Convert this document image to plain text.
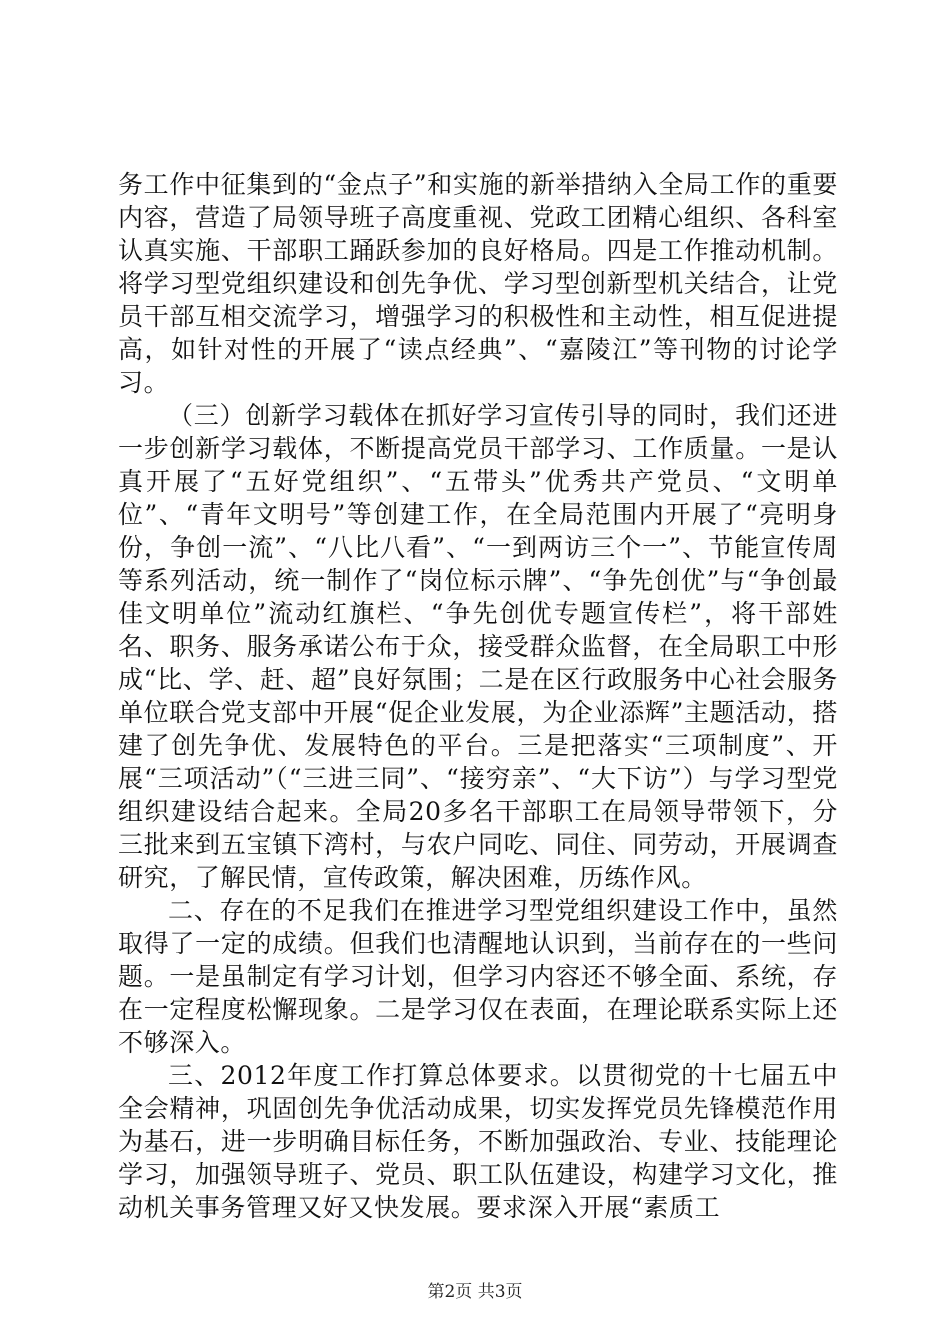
务工作中征集到的“金点子”和实施的新举措纳入全局工作的重要内容，营造了局领导班子高度重视、党政工团精心组织、各科室认真实施、干部职工踊跃参加的良好格局。四是工作推动机制。将学习型党组织建设和创先争优、学习型创新型机关结合，让党员干部互相交流学习，增强学习的积极性和主动性，相互促进提高，如针对性的开展了“读点经典”、“嘉陵江”等刊物的讨论学习。

（三）创新学习载体在抓好学习宣传引导的同时，我们还进一步创新学习载体，不断提高党员干部学习、工作质量。一是认真开展了“五好党组织”、“五带头”优秀共产党员、“文明单位”、“青年文明号”等创建工作，在全局范围内开展了“亮明身份，争创一流”、“八比八看”、“一到两访三个一”、节能宣传周等系列活动，统一制作了“岗位标示牌”、“争先创优”与“争创最佳文明单位”流动红旗栏、“争先创优专题宣传栏”，将干部姓名、职务、服务承诺公布于众，接受群众监督，在全局职工中形成“比、学、赶、超”良好氛围；二是在区行政服务中心社会服务单位联合党支部中开展“促企业发展，为企业添辉”主题活动，搭建了创先争优、发展特色的平台。三是把落实“三项制度”、开展“三项活动”（“三进三同”、“接穷亲”、“大下访”）与学习型党组织建设结合起来。全局20多名干部职工在局领导带领下，分三批来到五宝镇下湾村，与农户同吃、同住、同劳动，开展调查研究，了解民情，宣传政策，解决困难，历练作风。

二、存在的不足我们在推进学习型党组织建设工作中，虽然取得了一定的成绩。但我们也清醒地认识到，当前存在的一些问题。一是虽制定有学习计划，但学习内容还不够全面、系统，存在一定程度松懈现象。二是学习仅在表面，在理论联系实际上还不够深入。

三、2012年度工作打算总体要求。以贯彻党的十七届五中全会精神，巩固创先争优活动成果，切实发挥党员先锋模范作用为基石，进一步明确目标任务，不断加强政治、专业、技能理论学习，加强领导班子、党员、职工队伍建设，构建学习文化，推动机关事务管理又好又快发展。要求深入开展“素质工

第2页 共3页
